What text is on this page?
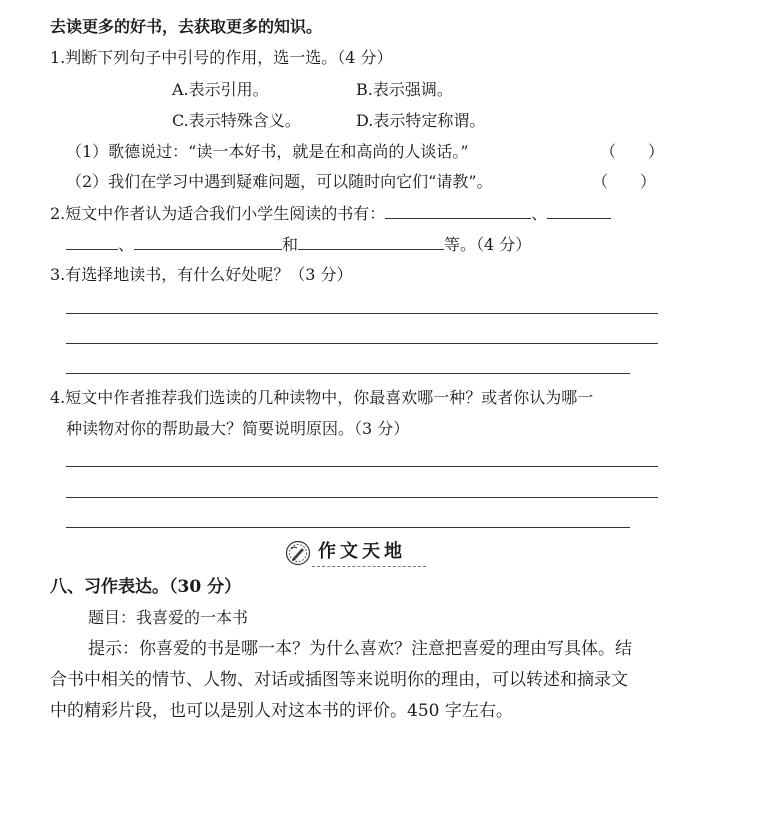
去读更多的好书，去获取更多的知识。
1.判断下列句子中引号的作用，选一选。（4 分）
A.表示引用。	B.表示强调。
C.表示特殊含义。	D.表示特定称谓。
（1）歌德说过：“读一本好书，就是在和高尚的人谈话。”	（　　）
（2）我们在学习中遇到疑难问题，可以随时向它们“请教”。	（　　）
2.短文中作者认为适合我们小学生阅读的书有：	、
、	和	等。（4 分）
3.有选择地读书，有什么好处呢？（3 分）
4.短文中作者推荐我们选读的几种读物中，你最喜欢哪一种？或者你认为哪一
种读物对你的帮助最大？简要说明原因。（3 分）
作文天地
八、习作表达。（30 分）
题目：我喜爱的一本书
提示：你喜爱的书是哪一本？为什么喜欢？注意把喜爱的理由写具体。结
合书中相关的情节、人物、对话或插图等来说明你的理由，可以转述和摘录文
中的精彩片段，也可以是别人对这本书的评价。450 字左右。
